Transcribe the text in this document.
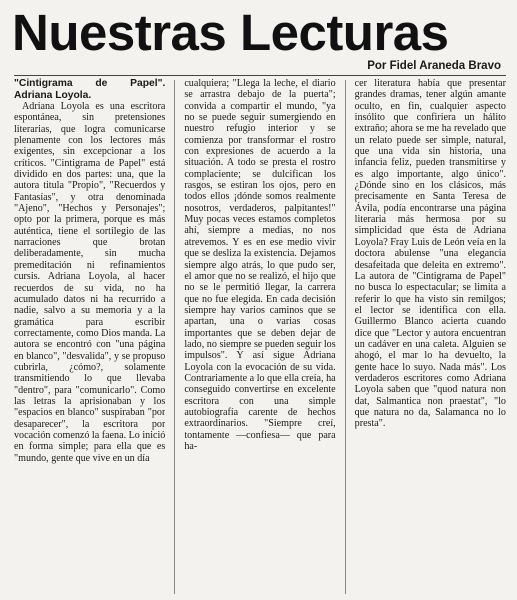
Nuestras Lecturas
Por Fidel Araneda Bravo

"Cintigrama de Papel". Adriana Loyola.

Adriana Loyola es una escritora espontánea, sin pretensiones literarias, que logra comunicarse plenamente con los lectores más exigentes, sin excepcionar a los críticos. "Cintigrama de Papel" está dividido en dos partes: una, que la autora titula "Propio", "Recuerdos y Fantasías", y otra denominada "Ajeno", "Hechos y Personajes"; opto por la primera, porque es más auténtica, tiene el sortilegio de las narraciones que brotan deliberadamente, sin mucha premeditación ni refinamientos cursis. Adriana Loyola, al hacer recuerdos de su vida, no ha acumulado datos ni ha recurrido a nadie, salvo a su memoria y a la gramática para escribir correctamente, como Dios manda. La autora se encontró con "una página en blanco", "desvalida", y se propuso cubrirla, ¿cómo?, solamente transmitiendo lo que llevaba "dentro", para "comunicarlo". Como las letras la aprisionaban y los "espacios en blanco" suspiraban "por desaparecer", la escritora por vocación comenzó la faena. Lo inició en forma simple; para ella que es "mundo, gente que vive en un día

cualquiera; "Llega la leche, el diario se arrastra debajo de la puerta"; convida a compartir el mundo, "ya no se puede seguir sumergiendo en nuestro refugio interior y se comienza por transformar el rostro con expresiones de acuerdo a la situación. A todo se presta el rostro complaciente; se dulcifican los rasgos, se estiran los ojos, pero en todos ellos ¡dónde somos realmente nosotros, verdaderos, palpitantes!" Muy pocas veces estamos completos ahí, siempre a medias, no nos atrevemos. Y es en ese medio vivir que se desliza la existencia. Dejamos siempre algo atrás, lo que pudo ser, el amor que no se realizó, el hijo que no se le permitió llegar, la carrera que no fue elegida. En cada decisión siempre hay varios caminos que se apartan, una o varias cosas importantes que se deben dejar de lado, no siempre se pueden seguir los impulsos". Y así sigue Adriana Loyola con la evocación de su vida. Contrariamente a lo que ella creía, ha conseguido convertirse en excelente escritora con una simple autobiografía carente de hechos extraordinarios. "Siempre creí, tontamente —confiesa— que para ha-

cer literatura había que presentar grandes dramas, tener algún amante oculto, en fin, cualquier aspecto insólito que confiriera un hálito extraño; ahora se me ha revelado que un relato puede ser simple, natural, que una vida sin historia, una infancia feliz, pueden transmitirse y es algo importante, algo único". ¿Dónde sino en los clásicos, más precisamente en Santa Teresa de Ávila, podía encontrarse una página literaria más hermosa por su simplicidad que ésta de Adriana Loyola? Fray Luis de León veía en la doctora abulense "una elegancia desafeitada que deleita en extremo". La autora de "Cintigrama de Papel" no busca lo espectacular; se limita a referir lo que ha visto sin remilgos; el lector se identifica con ella. Guillermo Blanco acierta cuando dice que "Lector y autora encuentran un cadáver en una caleta. Alguien se ahogó, el mar lo ha devuelto, la gente hace lo suyo. Nada más". Los verdaderos escritores como Adriana Loyola saben que "quod natura non dat, Salmantica non praestat", "lo que natura no da, Salamanca no lo presta".
